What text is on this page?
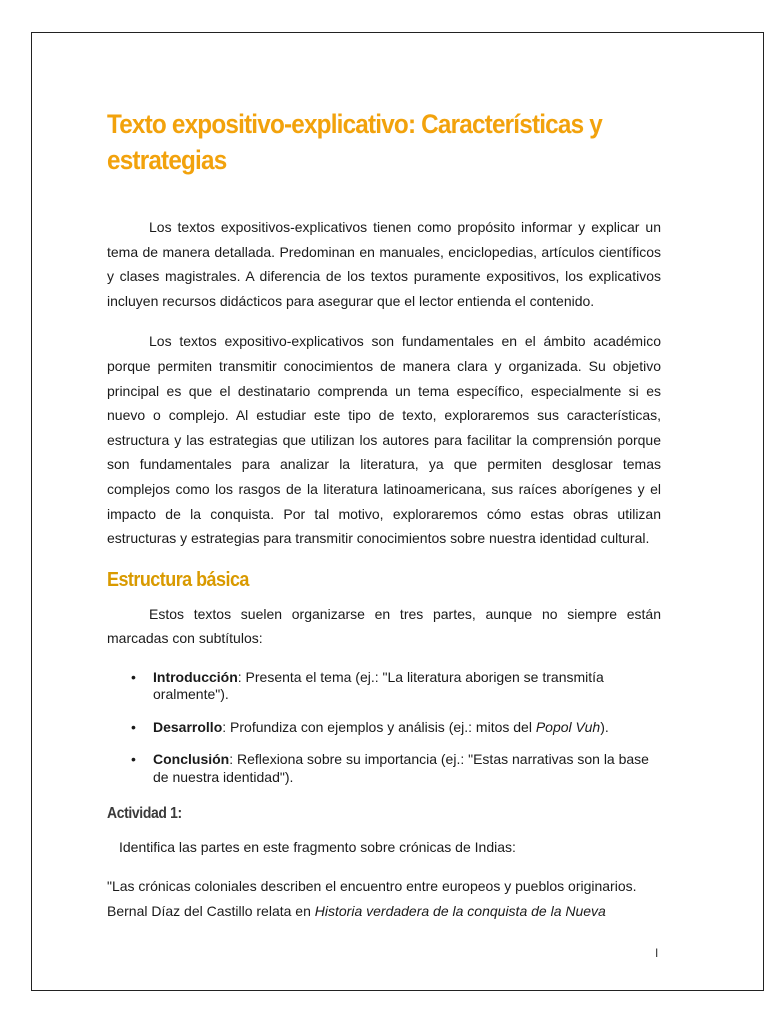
Texto expositivo-explicativo: Características y estrategias

Los textos expositivos-explicativos tienen como propósito informar y explicar un tema de manera detallada. Predominan en manuales, enciclopedias, artículos científicos y clases magistrales. A diferencia de los textos puramente expositivos, los explicativos incluyen recursos didácticos para asegurar que el lector entienda el contenido.

Los textos expositivo-explicativos son fundamentales en el ámbito académico porque permiten transmitir conocimientos de manera clara y organizada. Su objetivo principal es que el destinatario comprenda un tema específico, especialmente si es nuevo o complejo. Al estudiar este tipo de texto, exploraremos sus características, estructura y las estrategias que utilizan los autores para facilitar la comprensión porque son fundamentales para analizar la literatura, ya que permiten desglosar temas complejos como los rasgos de la literatura latinoamericana, sus raíces aborígenes y el impacto de la conquista. Por tal motivo, exploraremos cómo estas obras utilizan estructuras y estrategias para transmitir conocimientos sobre nuestra identidad cultural.

Estructura básica

Estos textos suelen organizarse en tres partes, aunque no siempre están marcadas con subtítulos:

• Introducción: Presenta el tema (ej.: "La literatura aborigen se transmitía oralmente").
• Desarrollo: Profundiza con ejemplos y análisis (ej.: mitos del Popol Vuh).
• Conclusión: Reflexiona sobre su importancia (ej.: "Estas narrativas son la base de nuestra identidad").
Actividad 1:

Identifica las partes en este fragmento sobre crónicas de Indias:

"Las crónicas coloniales describen el encuentro entre europeos y pueblos originarios. Bernal Díaz del Castillo relata en Historia verdadera de la conquista de la Nueva

I
